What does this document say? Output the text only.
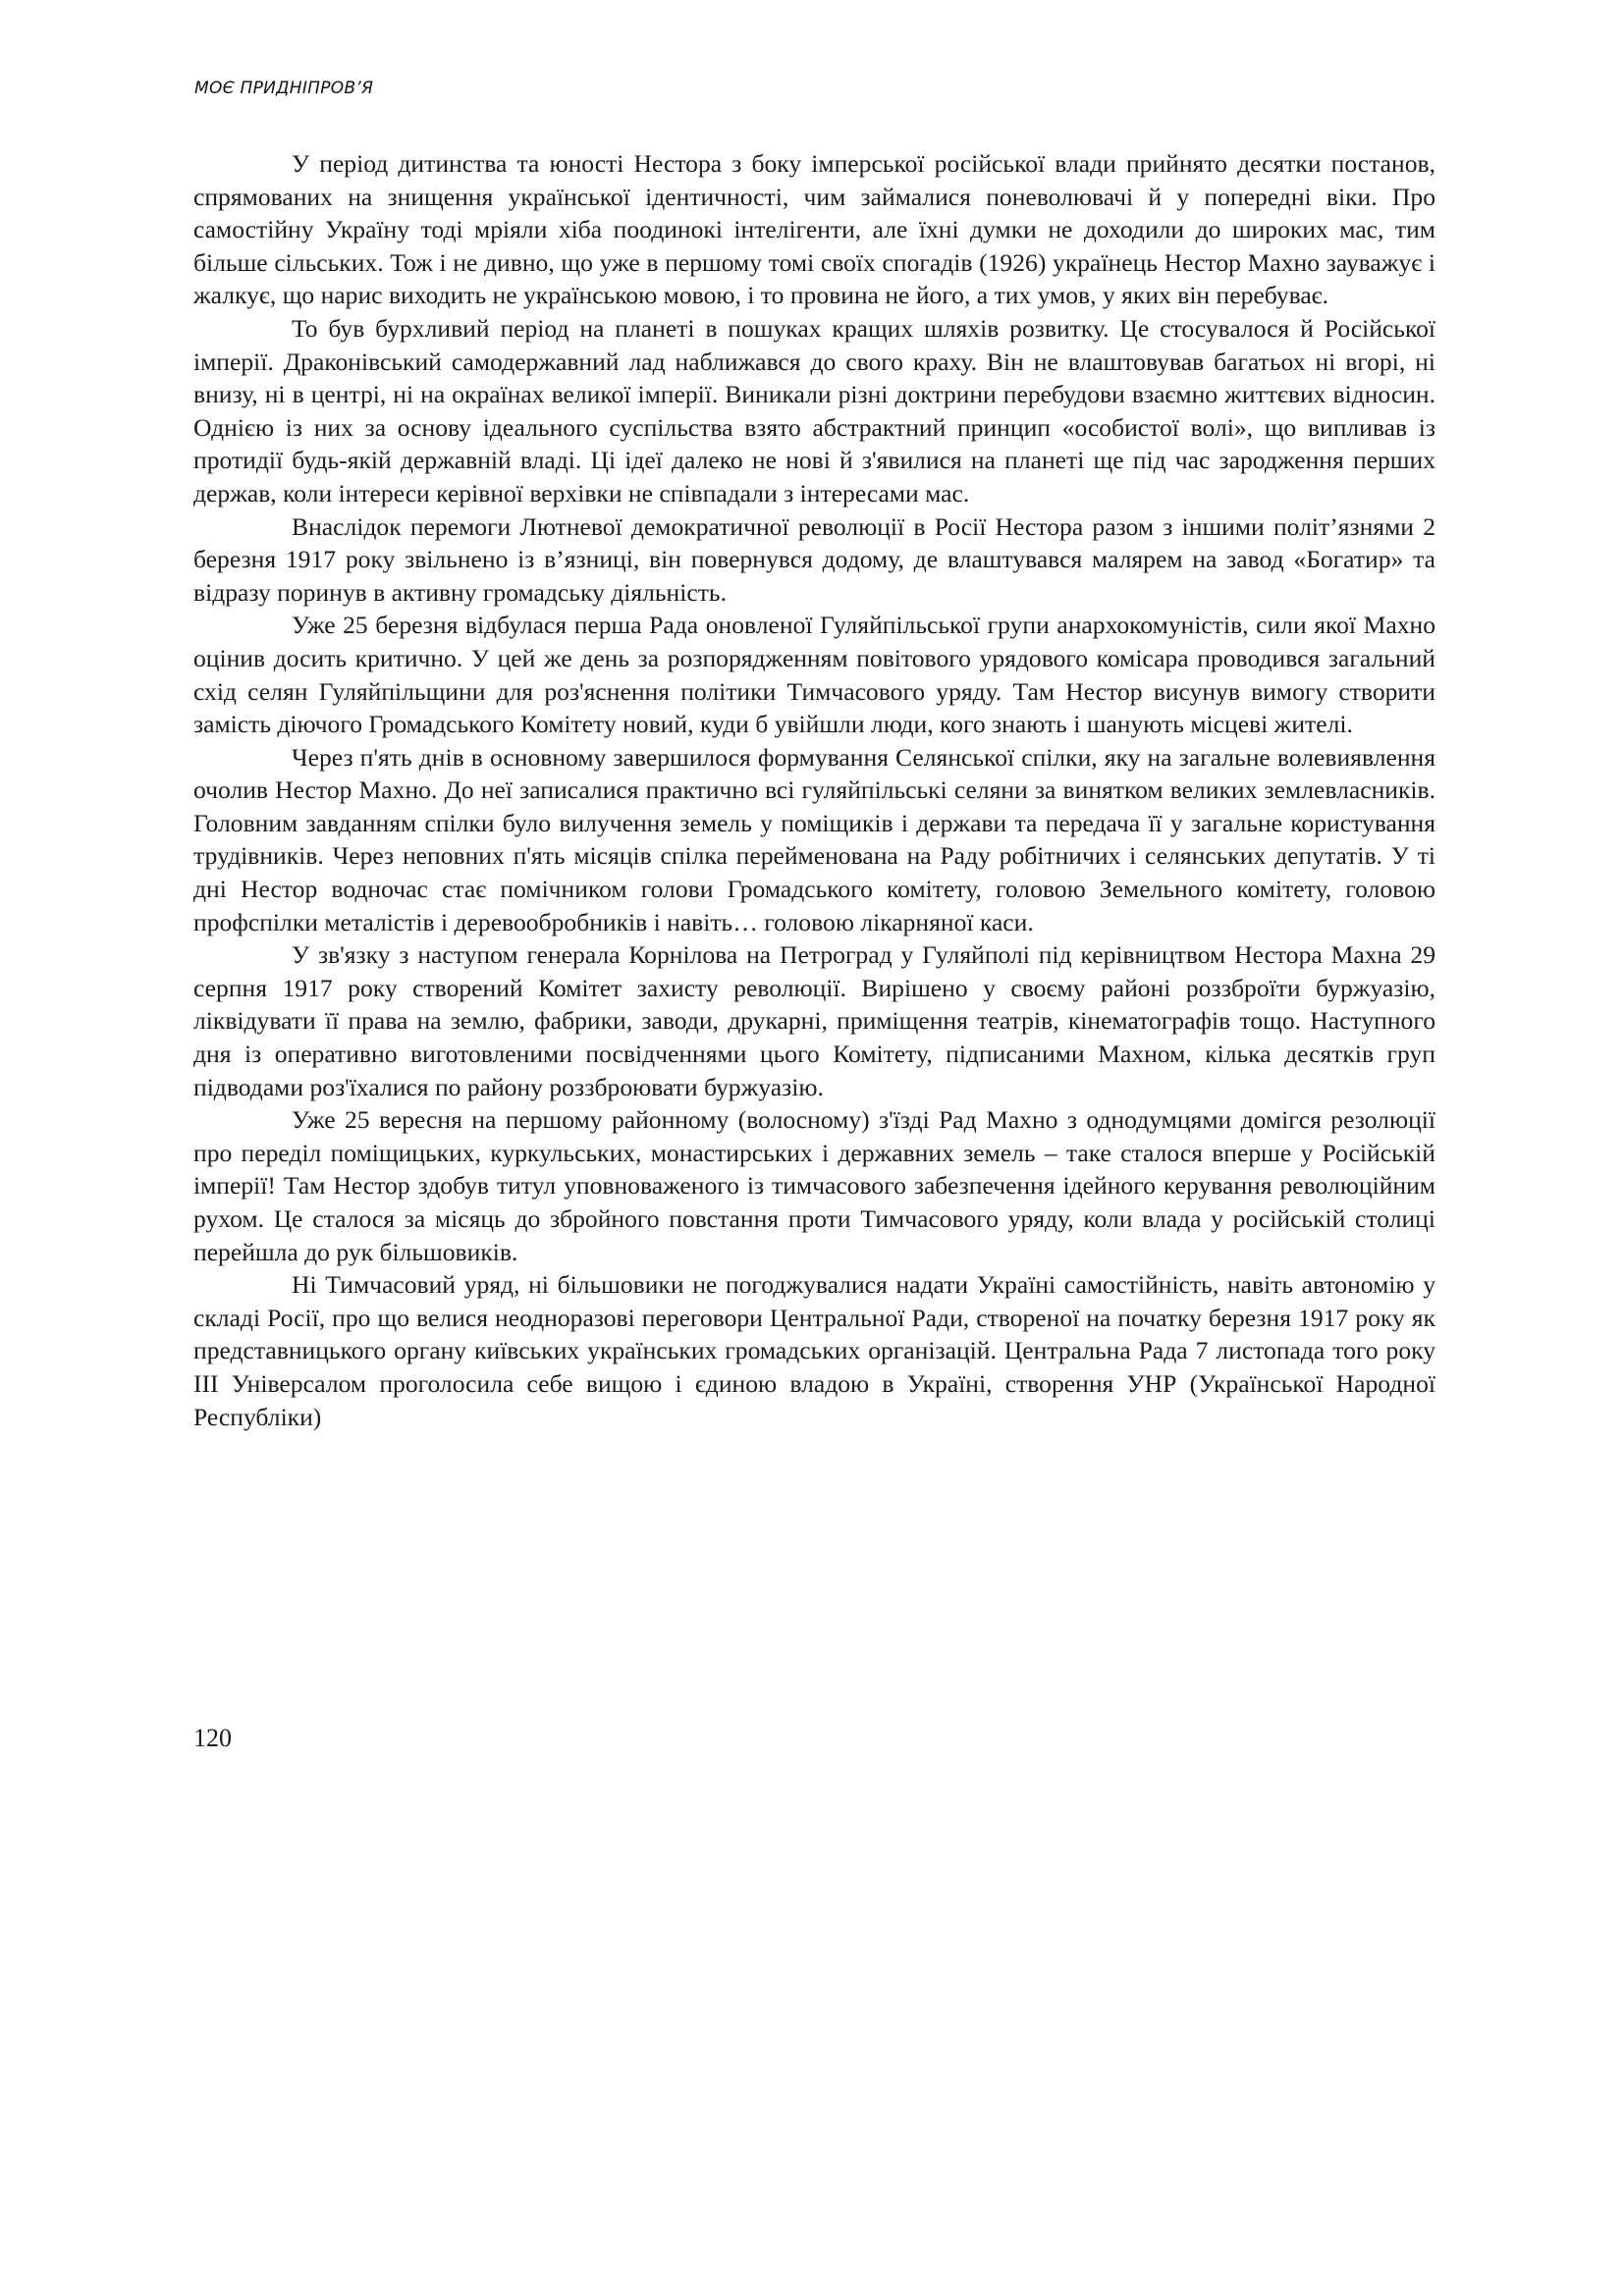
МОЄ ПРИДНІПРОВ’Я

У період дитинства та юності Нестора з боку імперської російської влади прийнято десятки постанов, спрямованих на знищення української ідентичності, чим займалися поневолювачі й у попередні віки. Про самостійну Україну тоді мріяли хіба поодинокі інтелігенти, але їхні думки не доходили до широких мас, тим більше сільських. Тож і не дивно, що уже в першому томі своїх спогадів (1926) українець Нестор Махно зауважує і жалкує, що нарис виходить не українською мовою, і то провина не його, а тих умов, у яких він перебуває.

То був бурхливий період на планеті в пошуках кращих шляхів розвитку. Це стосувалося й Російської імперії. Драконівський самодержавний лад наближався до свого краху. Він не влаштовував багатьох ні вгорі, ні внизу, ні в центрі, ні на окраїнах великої імперії. Виникали різні доктрини перебудови взаємно життєвих відносин. Однією із них за основу ідеального суспільства взято абстрактний принцип «особистої волі», що випливав із протидії будь-якій державній владі. Ці ідеї далеко не нові й з'явилися на планеті ще під час зародження перших держав, коли інтереси керівної верхівки не співпадали з інтересами мас.

Внаслідок перемоги Лютневої демократичної революції в Росії Нестора разом з іншими політ’язнями 2 березня 1917 року звільнено із в’язниці, він повернувся додому, де влаштувався малярем на завод «Богатир» та відразу поринув в активну громадську діяльність.

Уже 25 березня відбулася перша Рада оновленої Гуляйпільської групи анархокомуністів, сили якої Махно оцінив досить критично. У цей же день за розпорядженням повітового урядового комісара проводився загальний схід селян Гуляйпільщини для роз'яснення політики Тимчасового уряду. Там Нестор висунув вимогу створити замість діючого Громадського Комітету новий, куди б увійшли люди, кого знають і шанують місцеві жителі.

Через п'ять днів в основному завершилося формування Селянської спілки, яку на загальне волевиявлення очолив Нестор Махно. До неї записалися практично всі гуляйпільські селяни за винятком великих землевласників. Головним завданням спілки було вилучення земель у поміщиків і держави та передача її у загальне користування трудівників. Через неповних п'ять місяців спілка перейменована на Раду робітничих і селянських депутатів. У ті дні Нестор водночас стає помічником голови Громадського комітету, головою Земельного комітету, головою профспілки металістів і деревообробників і навіть… головою лікарняної каси.

У зв'язку з наступом генерала Корнілова на Петроград у Гуляйполі під керівництвом Нестора Махна 29 серпня 1917 року створений Комітет захисту революції. Вирішено у своєму районі роззброїти буржуазію, ліквідувати її права на землю, фабрики, заводи, друкарні, приміщення театрів, кінематографів тощо. Наступного дня із оперативно виготовленими посвідченнями цього Комітету, підписаними Махном, кілька десятків груп підводами роз'їхалися по району роззброювати буржуазію.

Уже 25 вересня на першому районному (волосному) з'їзді Рад Махно з однодумцями домігся резолюції про переділ поміщицьких, куркульських, монастирських і державних земель – таке сталося вперше у Російській імперії! Там Нестор здобув титул уповноваженого із тимчасового забезпечення ідейного керування революційним рухом. Це сталося за місяць до збройного повстання проти Тимчасового уряду, коли влада у російській столиці перейшла до рук більшовиків.

Ні Тимчасовий уряд, ні більшовики не погоджувалися надати Україні самостійність, навіть автономію у складі Росії, про що велися неодноразові переговори Центральної Ради, створеної на початку березня 1917 року як представницького органу київських українських громадських організацій. Центральна Рада 7 листопада того року ІІІ Універсалом проголосила себе вищою і єдиною владою в Україні, створення УНР (Української Народної Республіки)

120
